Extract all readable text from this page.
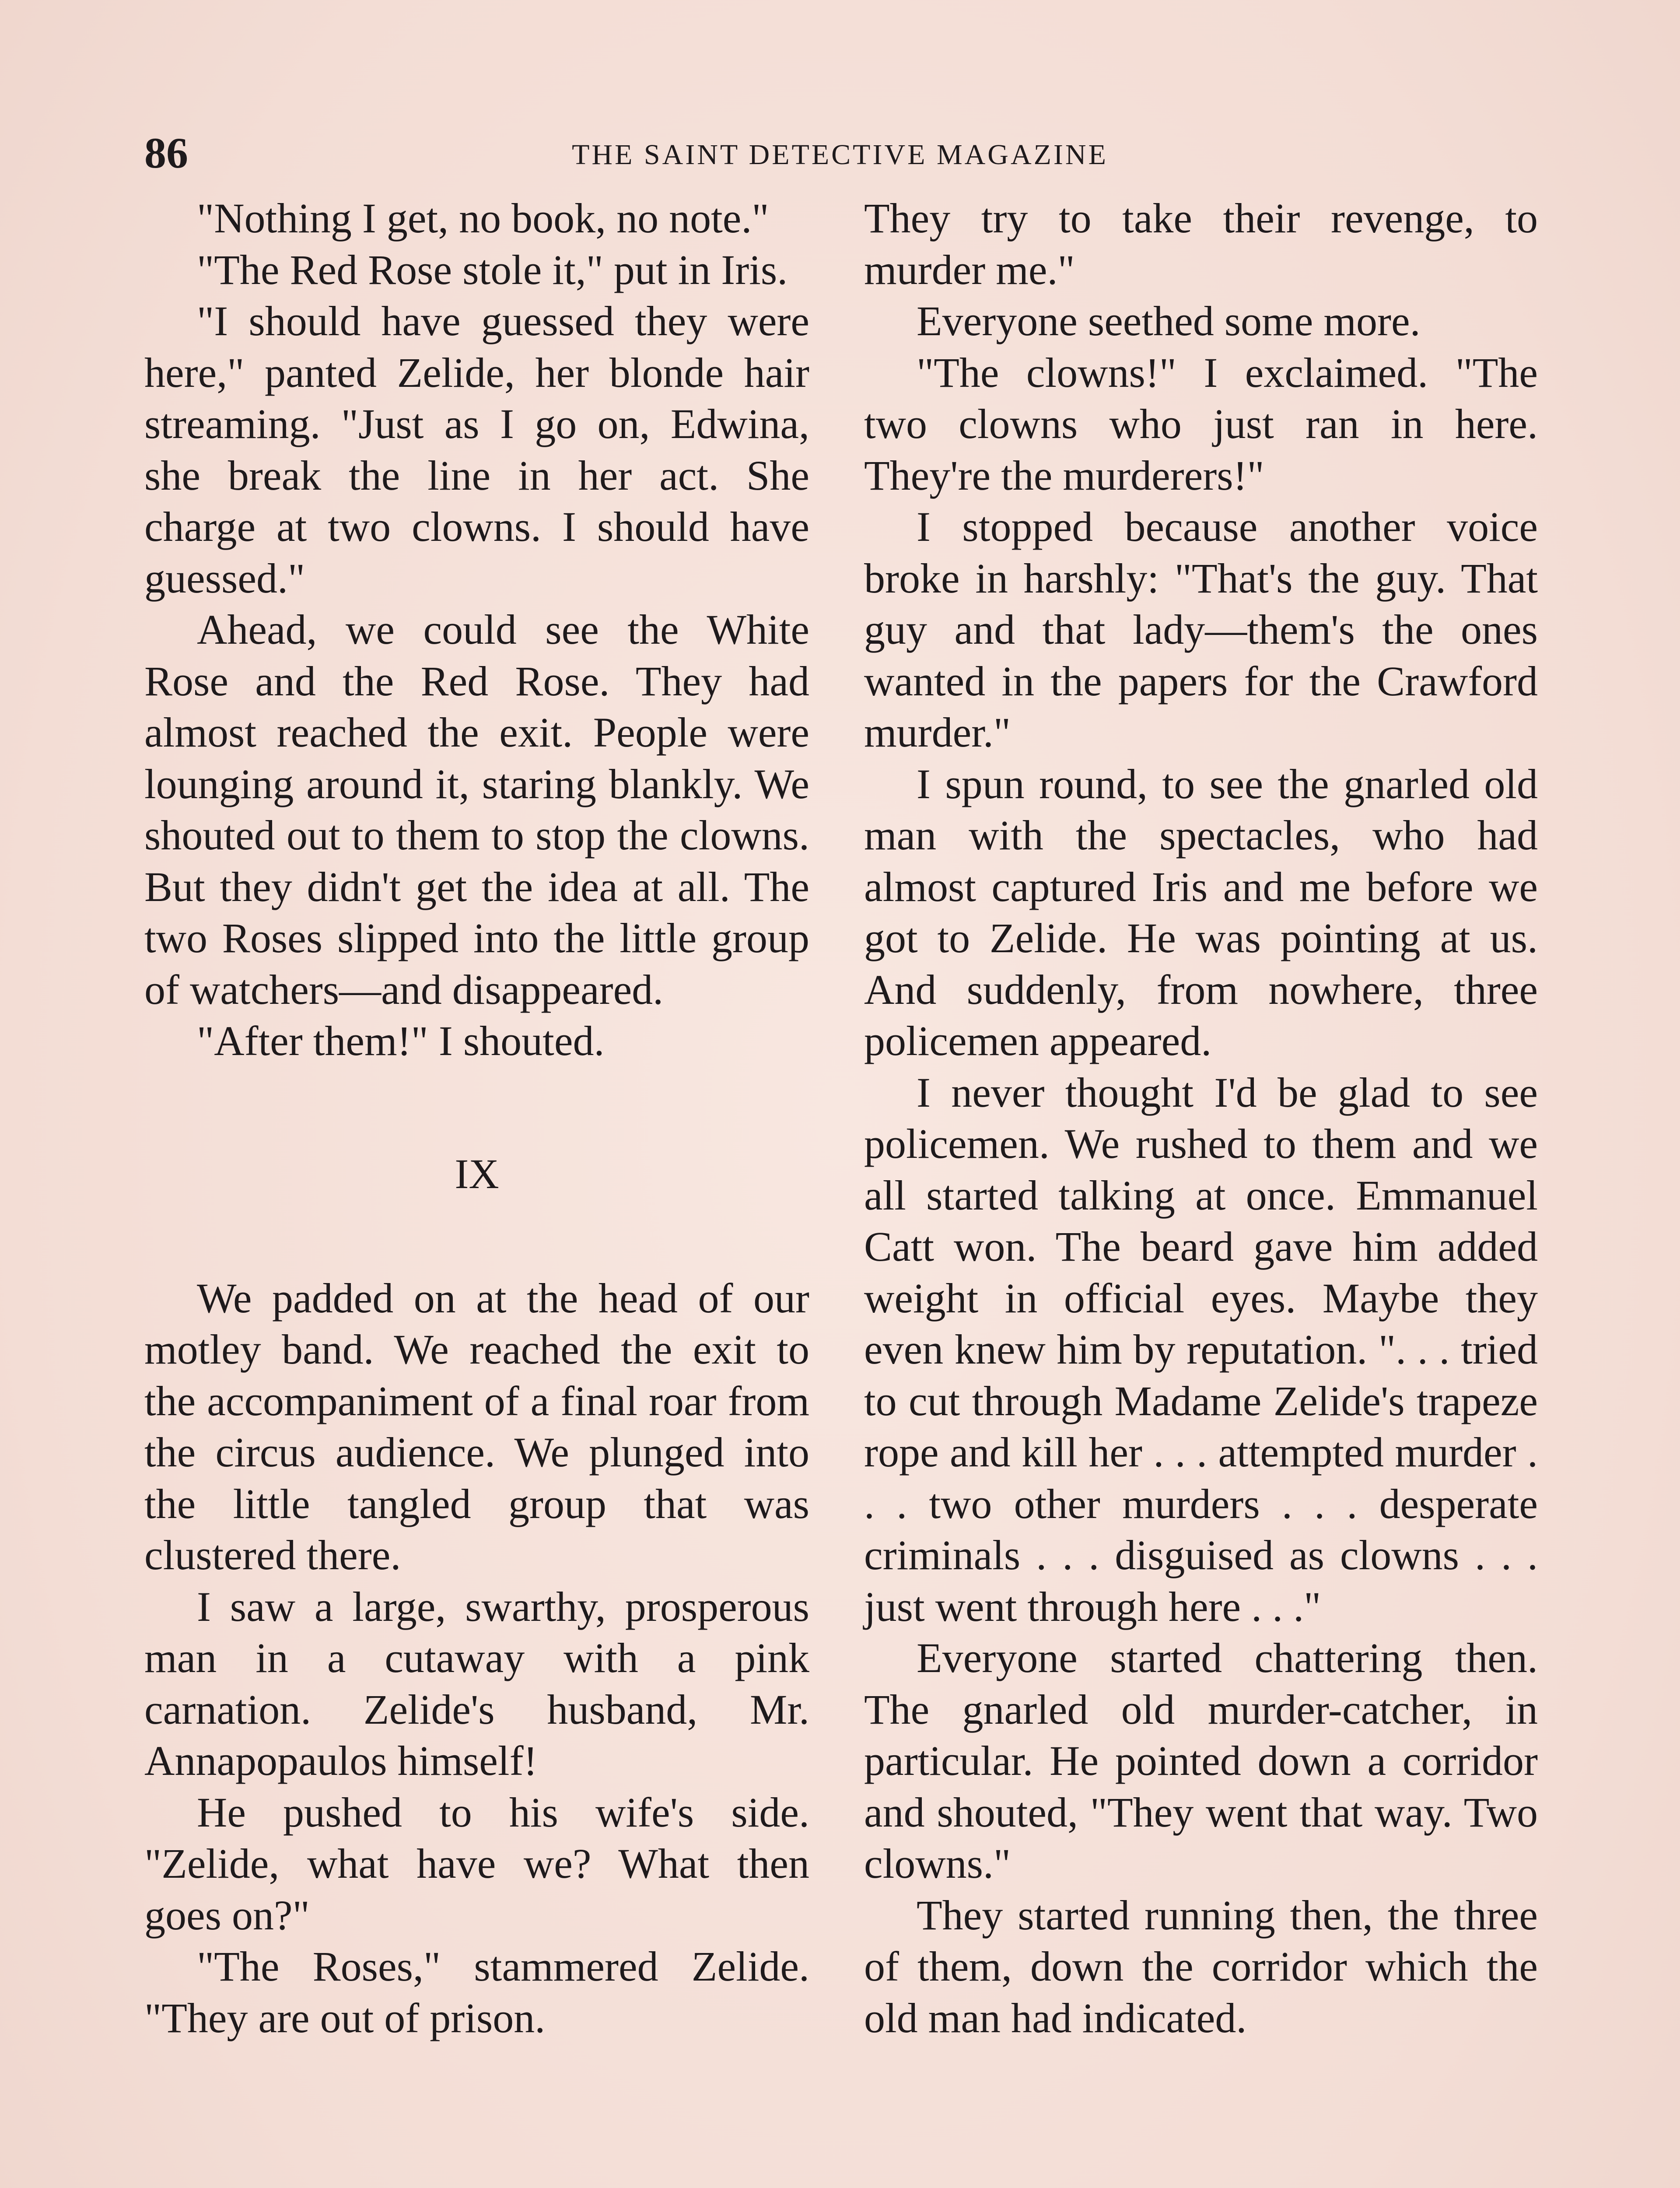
86	THE SAINT DETECTIVE MAGAZINE

"Nothing I get, no book, no note."

"The Red Rose stole it," put in Iris.

"I should have guessed they were here," panted Zelide, her blonde hair streaming. "Just as I go on, Edwina, she break the line in her act. She charge at two clowns. I should have guessed."

Ahead, we could see the White Rose and the Red Rose. They had almost reached the exit. People were lounging around it, staring blankly. We shouted out to them to stop the clowns. But they didn't get the idea at all. The two Roses slipped into the little group of watchers—and disappeared.

"After them!" I shouted.

IX

We padded on at the head of our motley band. We reached the exit to the accompaniment of a final roar from the circus audience. We plunged into the little tangled group that was clustered there.

I saw a large, swarthy, prosperous man in a cutaway with a pink carnation. Zelide's husband, Mr. Annapopaulos himself!

He pushed to his wife's side. "Zelide, what have we? What then goes on?"

"The Roses," stammered Zelide. "They are out of prison.

They try to take their revenge, to murder me."

Everyone seethed some more.

"The clowns!" I exclaimed. "The two clowns who just ran in here. They're the murderers!"

I stopped because another voice broke in harshly: "That's the guy. That guy and that lady—them's the ones wanted in the papers for the Crawford murder."

I spun round, to see the gnarled old man with the spectacles, who had almost captured Iris and me before we got to Zelide. He was pointing at us. And suddenly, from nowhere, three policemen appeared.

I never thought I'd be glad to see policemen. We rushed to them and we all started talking at once. Emmanuel Catt won. The beard gave him added weight in official eyes. Maybe they even knew him by reputation. ". . . tried to cut through Madame Zelide's trapeze rope and kill her . . . attempted murder . . . two other murders . . . desperate criminals . . . disguised as clowns . . . just went through here . . ."

Everyone started chattering then. The gnarled old murder-catcher, in particular. He pointed down a corridor and shouted, "They went that way. Two clowns."

They started running then, the three of them, down the corridor which the old man had indicated.
